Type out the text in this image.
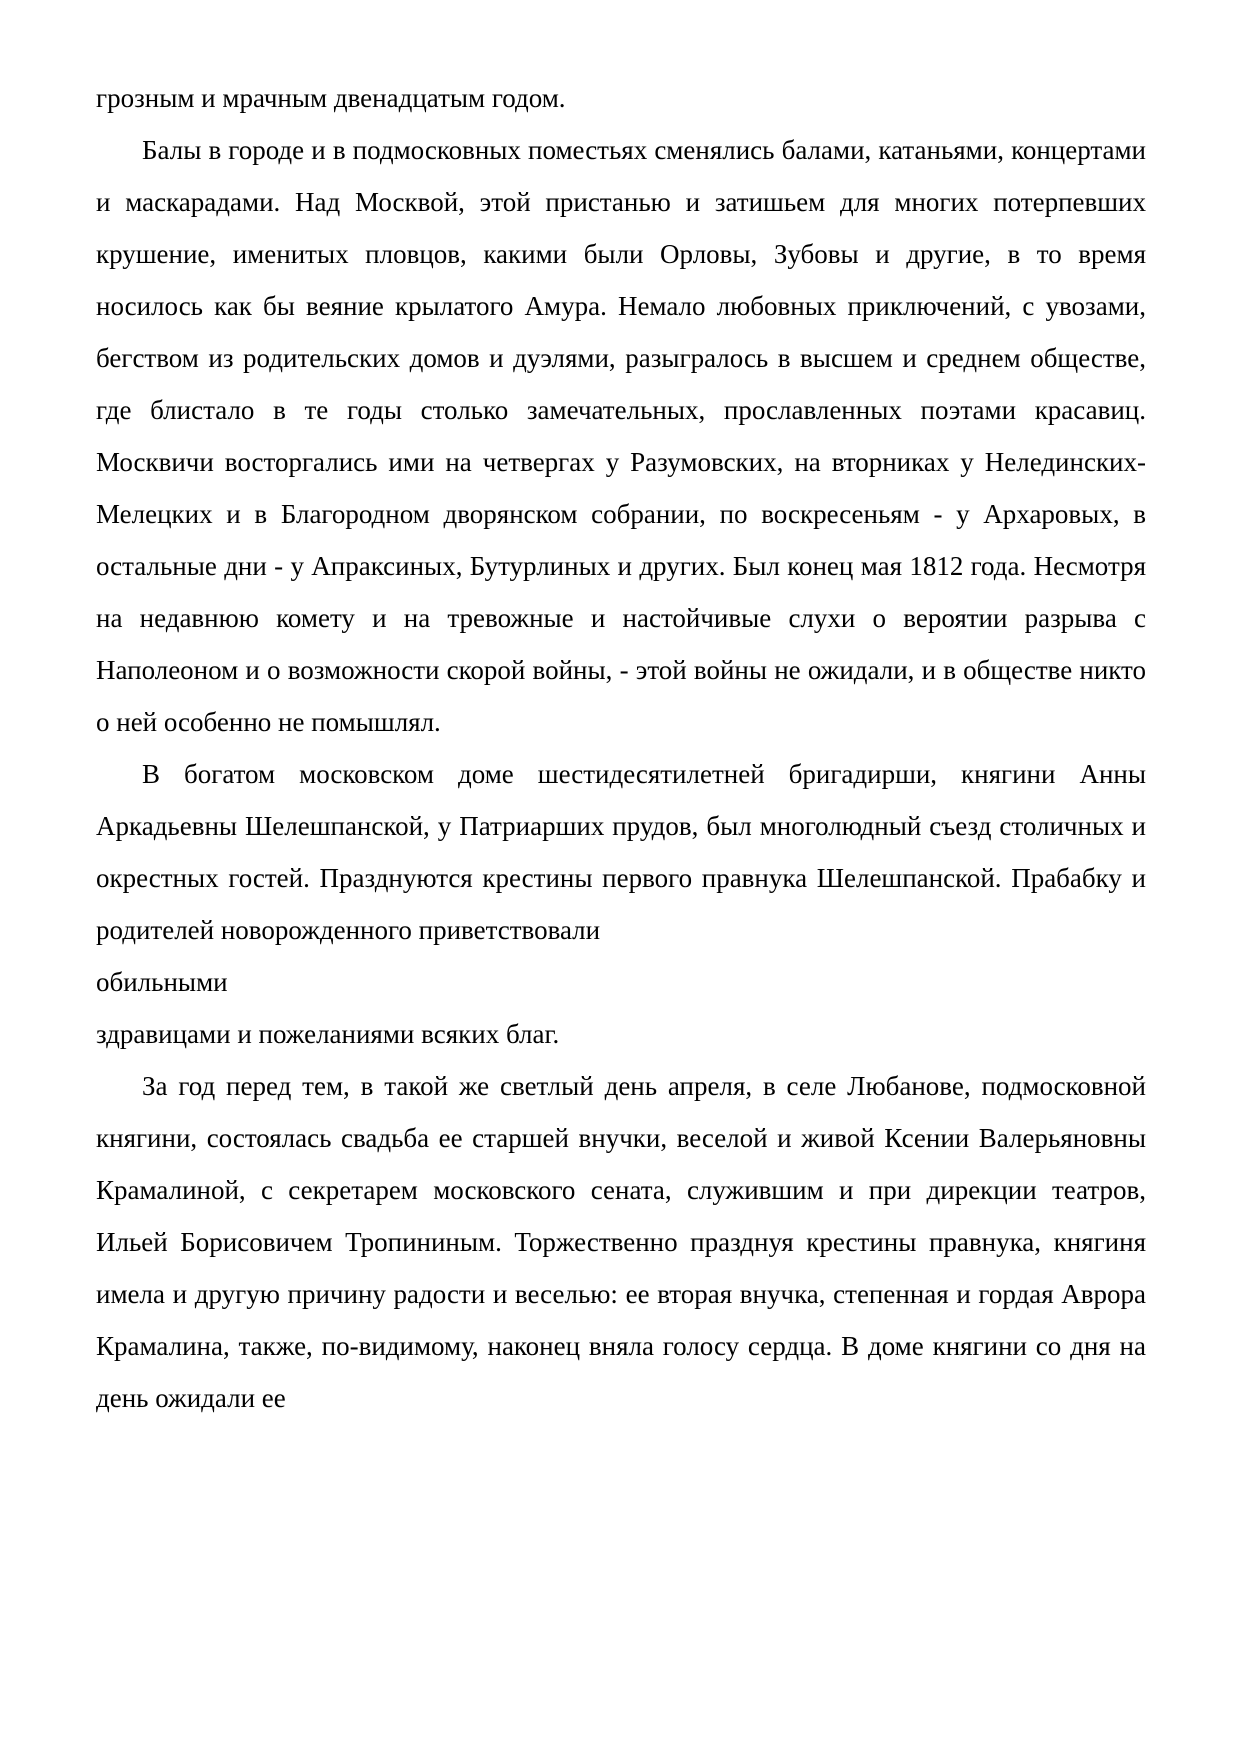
грозным и мрачным двенадцатым годом.

Балы в городе и в подмосковных поместьях сменялись балами, катаньями, концертами и маскарадами. Над Москвой, этой пристанью и затишьем для многих потерпевших крушение, именитых пловцов, какими были Орловы, Зубовы и другие, в то время носилось как бы веяние крылатого Амура. Немало любовных приключений, с увозами, бегством из родительских домов и дуэлями, разыгралось в высшем и среднем обществе, где блистало в те годы столько замечательных, прославленных поэтами красавиц. Москвичи восторгались ими на четвергах у Разумовских, на вторниках у Нелединских-Мелецких и в Благородном дворянском собрании, по воскресеньям - у Архаровых, в остальные дни - у Апраксиных, Бутурлиных и других. Был конец мая 1812 года. Несмотря на недавнюю комету и на тревожные и настойчивые слухи о вероятии разрыва с Наполеоном и о возможности скорой войны, - этой войны не ожидали, и в обществе никто о ней особенно не помышлял.

В богатом московском доме шестидесятилетней бригадирши, княгини Анны Аркадьевны Шелешпанской, у Патриарших прудов, был многолюдный съезд столичных и окрестных гостей. Празднуются крестины первого правнука Шелешпанской. Прабабку и родителей новорожденного приветствовали

обильными

здравицами и пожеланиями всяких благ.

За год перед тем, в такой же светлый день апреля, в селе Любанове, подмосковной княгини, состоялась свадьба ее старшей внучки, веселой и живой Ксении Валерьяновны Крамалиной, с секретарем московского сената, служившим и при дирекции театров, Ильей Борисовичем Тропининым. Торжественно празднуя крестины правнука, княгиня имела и другую причину радости и веселью: ее вторая внучка, степенная и гордая Аврора Крамалина, также, по-видимому, наконец вняла голосу сердца. В доме княгини со дня на день ожидали ее
